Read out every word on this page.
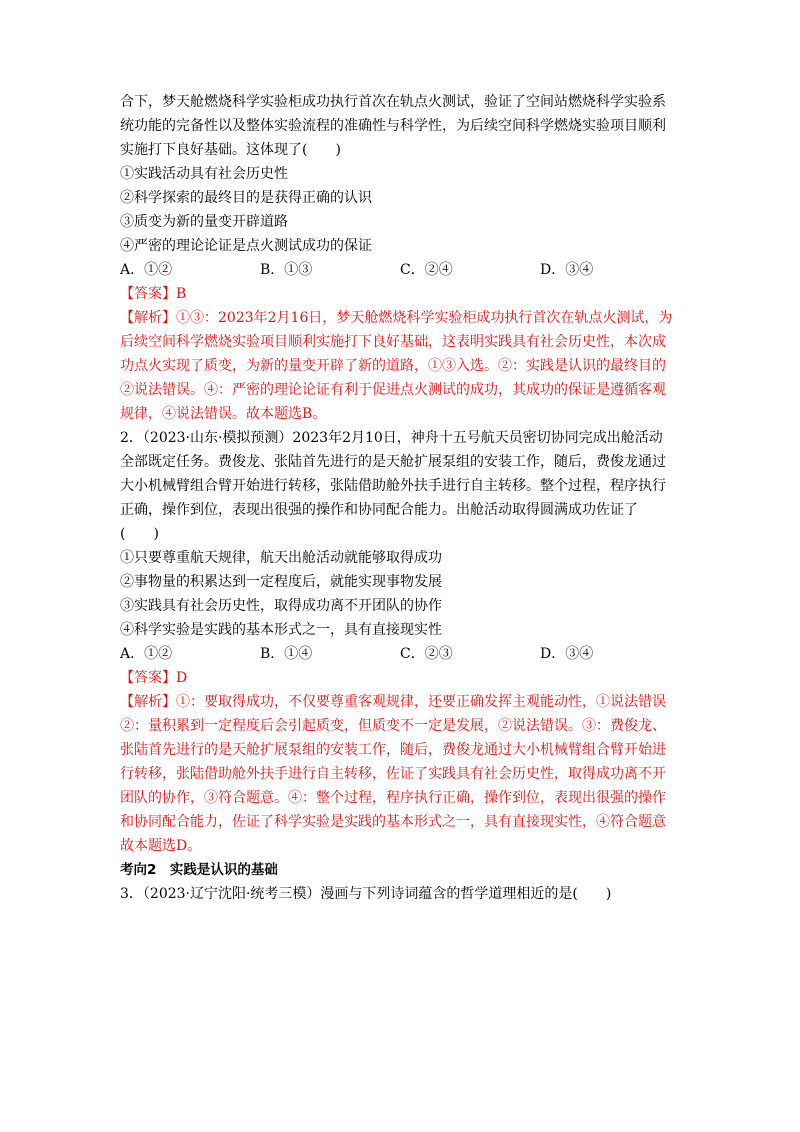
合下，梦天舱燃烧科学实验柜成功执行首次在轨点火测试，验证了空间站燃烧科学实验系
统功能的完备性以及整体实验流程的准确性与科学性，为后续空间科学燃烧实验项目顺利
实施打下良好基础。这体现了(　　)
①实践活动具有社会历史性
②科学探索的最终目的是获得正确的认识
③质变为新的量变开辟道路
④严密的理论论证是点火测试成功的保证
A．①②	B．①③	C．②④	D．③④
【答案】B
【解析】①③：2023年2月16日，梦天舱燃烧科学实验柜成功执行首次在轨点火测试，为
后续空间科学燃烧实验项目顺利实施打下良好基础，这表明实践具有社会历史性，本次成
功点火实现了质变，为新的量变开辟了新的道路，①③入选。②：实践是认识的最终目的
②说法错误。④：严密的理论论证有利于促进点火测试的成功，其成功的保证是遵循客观
规律，④说法错误。故本题选B。
2．（2023·山东·模拟预测）2023年2月10日，神舟十五号航天员密切协同完成出舱活动
全部既定任务。费俊龙、张陆首先进行的是天舱扩展泵组的安装工作，随后，费俊龙通过
大小机械臂组合臂开始进行转移，张陆借助舱外扶手进行自主转移。整个过程，程序执行
正确，操作到位，表现出很强的操作和协同配合能力。出舱活动取得圆满成功佐证了
(　　)
①只要尊重航天规律，航天出舱活动就能够取得成功
②事物量的积累达到一定程度后，就能实现事物发展
③实践具有社会历史性，取得成功离不开团队的协作
④科学实验是实践的基本形式之一，具有直接现实性
A．①②	B．①④	C．②③	D．③④
【答案】D
【解析】①：要取得成功，不仅要尊重客观规律，还要正确发挥主观能动性，①说法错误
②：量积累到一定程度后会引起质变，但质变不一定是发展，②说法错误。③：费俊龙、
张陆首先进行的是天舱扩展泵组的安装工作，随后，费俊龙通过大小机械臂组合臂开始进
行转移，张陆借助舱外扶手进行自主转移，佐证了实践具有社会历史性，取得成功离不开
团队的协作，③符合题意。④：整个过程，程序执行正确，操作到位，表现出很强的操作
和协同配合能力，佐证了科学实验是实践的基本形式之一，具有直接现实性，④符合题意
故本题选D。
考向2　实践是认识的基础
3．（2023·辽宁沈阳·统考三模）漫画与下列诗词蕴含的哲学道理相近的是(　　)
